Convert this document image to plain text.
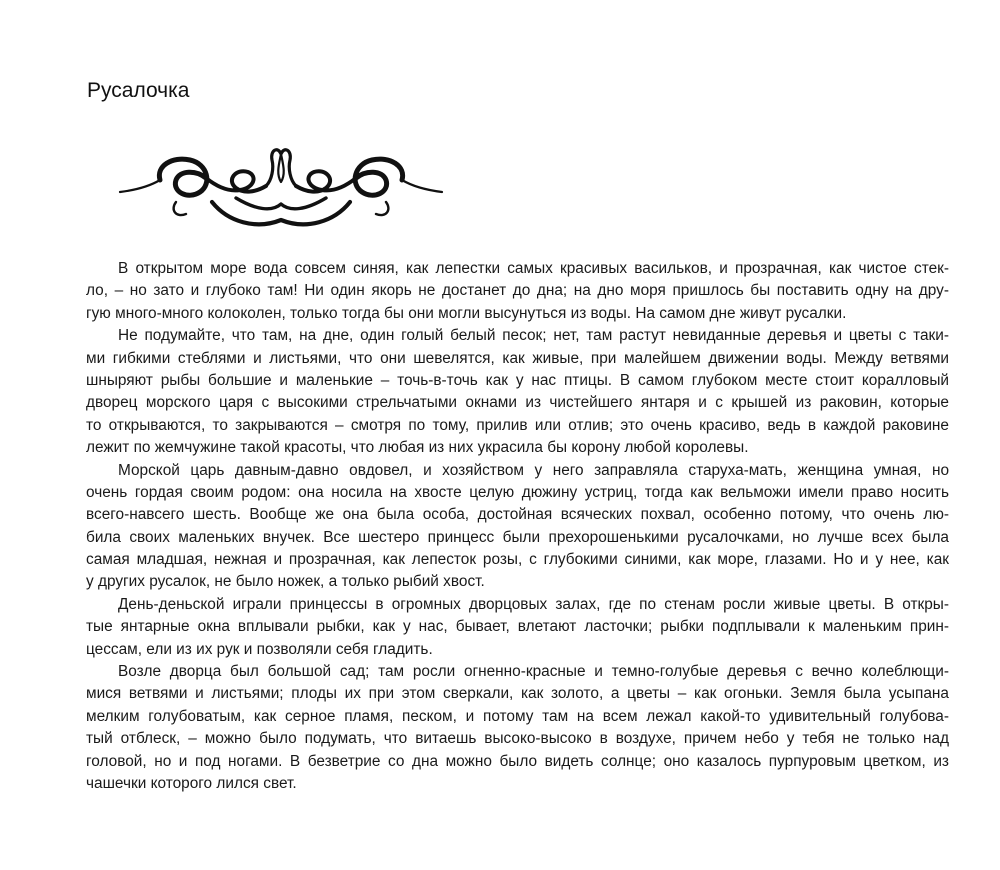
Русалочка
В открытом море вода совсем синяя, как лепестки самых красивых васильков, и прозрачная, как чистое стек-
ло, – но зато и глубоко там! Ни один якорь не достанет до дна; на дно моря пришлось бы поставить одну на дру-
гую много-много колоколен, только тогда бы они могли высунуться из воды. На самом дне живут русалки.
Не подумайте, что там, на дне, один голый белый песок; нет, там растут невиданные деревья и цветы с таки-
ми гибкими стеблями и листьями, что они шевелятся, как живые, при малейшем движении воды. Между ветвями
шныряют рыбы большие и маленькие – точь-в-точь как у нас птицы. В самом глубоком месте стоит коралловый
дворец морского царя с высокими стрельчатыми окнами из чистейшего янтаря и с крышей из раковин, которые
то открываются, то закрываются – смотря по тому, прилив или отлив; это очень красиво, ведь в каждой раковине
лежит по жемчужине такой красоты, что любая из них украсила бы корону любой королевы.
Морской царь давным-давно овдовел, и хозяйством у него заправляла старуха-мать, женщина умная, но
очень гордая своим родом: она носила на хвосте целую дюжину устриц, тогда как вельможи имели право носить
всего-навсего шесть. Вообще же она была особа, достойная всяческих похвал, особенно потому, что очень лю-
била своих маленьких внучек. Все шестеро принцесс были прехорошенькими русалочками, но лучше всех была
самая младшая, нежная и прозрачная, как лепесток розы, с глубокими синими, как море, глазами. Но и у нее, как
у других русалок, не было ножек, а только рыбий хвост.
День-деньской играли принцессы в огромных дворцовых залах, где по стенам росли живые цветы. В откры-
тые янтарные окна вплывали рыбки, как у нас, бывает, влетают ласточки; рыбки подплывали к маленьким прин-
цессам, ели из их рук и позволяли себя гладить.
Возле дворца был большой сад; там росли огненно-красные и темно-голубые деревья с вечно колеблющи-
мися ветвями и листьями; плоды их при этом сверкали, как золото, а цветы – как огоньки. Земля была усыпана
мелким голубоватым, как серное пламя, песком, и потому там на всем лежал какой-то удивительный голубова-
тый отблеск, – можно было подумать, что витаешь высоко-высоко в воздухе, причем небо у тебя не только над
головой, но и под ногами. В безветрие со дна можно было видеть солнце; оно казалось пурпуровым цветком, из
чашечки которого лился свет.
